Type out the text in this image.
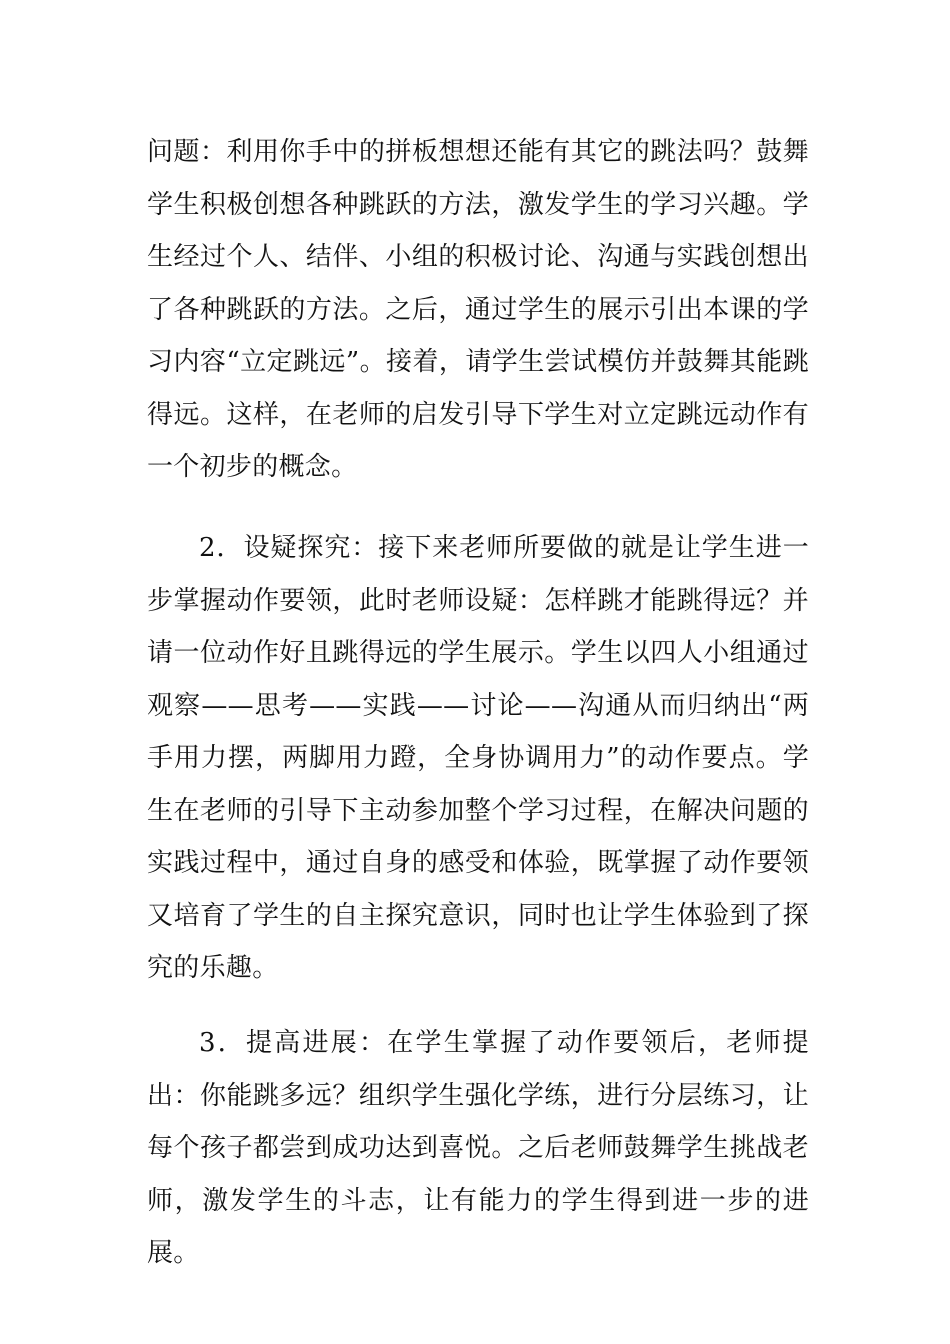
问题：利用你手中的拼板想想还能有其它的跳法吗？鼓舞学生积极创想各种跳跃的方法，激发学生的学习兴趣。学生经过个人、结伴、小组的积极讨论、沟通与实践创想出了各种跳跃的方法。之后，通过学生的展示引出本课的学习内容“立定跳远”。接着，请学生尝试模仿并鼓舞其能跳得远。这样，在老师的启发引导下学生对立定跳远动作有一个初步的概念。

2．设疑探究：接下来老师所要做的就是让学生进一步掌握动作要领，此时老师设疑：怎样跳才能跳得远？并请一位动作好且跳得远的学生展示。学生以四人小组通过观察——思考——实践——讨论——沟通从而归纳出“两手用力摆，两脚用力蹬，全身协调用力”的动作要点。学生在老师的引导下主动参加整个学习过程，在解决问题的实践过程中，通过自身的感受和体验，既掌握了动作要领又培育了学生的自主探究意识，同时也让学生体验到了探究的乐趣。

3．提高进展：在学生掌握了动作要领后，老师提出：你能跳多远？组织学生强化学练，进行分层练习，让每个孩子都尝到成功达到喜悦。之后老师鼓舞学生挑战老师，激发学生的斗志，让有能力的学生得到进一步的进展。
